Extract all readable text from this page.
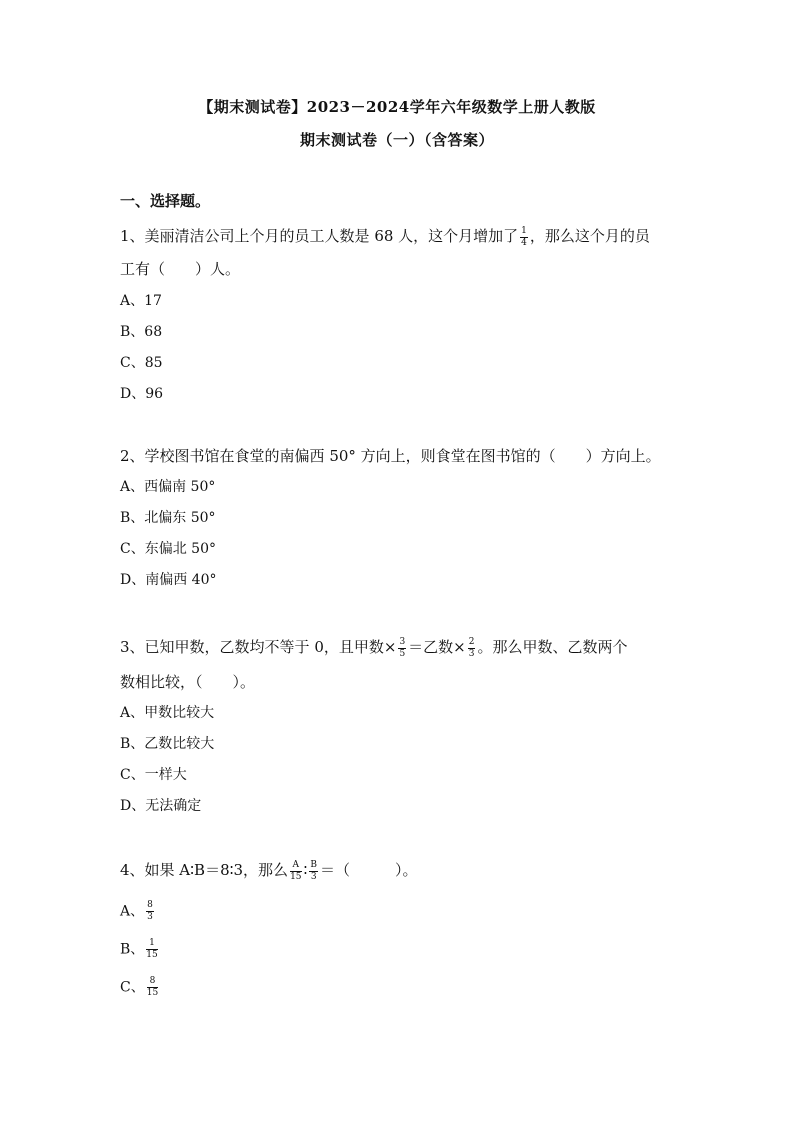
【期末测试卷】2023－2024学年六年级数学上册人教版
期末测试卷（一）（含答案）
一、选择题。
1、美丽清洁公司上个月的员工人数是 68 人，这个月增加了 $\frac{1}{4}$ ，那么这个月的员
工有（　　）人。
A、17
B、68
C、85
D、96
2、学校图书馆在食堂的南偏西 50° 方向上，则食堂在图书馆的（　　）方向上。
A、西偏南 50°
B、北偏东 50°
C、东偏北 50°
D、南偏西 40°
3、已知甲数，乙数均不等于 0，且甲数× $\frac{3}{5}$ ＝乙数× $\frac{2}{3}$ 。那么甲数、乙数两个
数相比较，（　　）。
A、甲数比较大
B、乙数比较大
C、一样大
D、无法确定
4、如果 A∶B＝8∶3，那么 $\frac{A}{15}$ ∶ $\frac{B}{3}$ ＝（　　　）。
A、 $\frac{8}{3}$
B、 $\frac{1}{15}$
C、 $\frac{8}{15}$
